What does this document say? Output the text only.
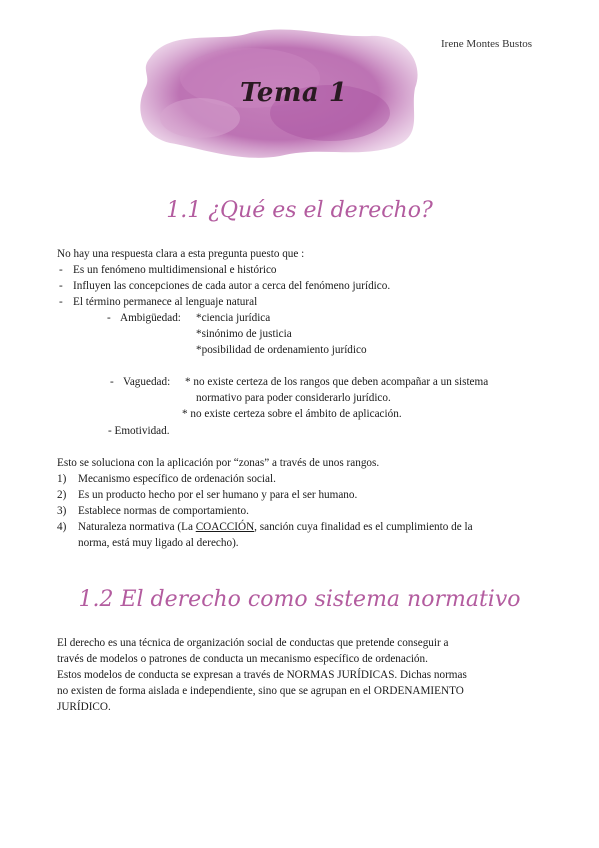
Irene Montes Bustos
Tema 1
1.1 ¿Qué es el derecho?
No hay una respuesta clara a esta pregunta puesto que :
- Es un fenómeno multidimensional e histórico
- Influyen las concepciones de cada autor a cerca del fenómeno jurídico.
- El término permanece al lenguaje natural
- Ambigüedad: *ciencia jurídica
*sinónimo de justicia
*posibilidad de ordenamiento jurídico
- Vaguedad: * no existe certeza de los rangos que deben acompañar a un sistema
normativo para poder considerarlo jurídico.
* no existe certeza sobre el ámbito de aplicación.
- Emotividad.
Esto se soluciona con la aplicación por “zonas” a través de unos rangos.
1) Mecanismo específico de ordenación social.
2) Es un producto hecho por el ser humano y para el ser humano.
3) Establece normas de comportamiento.
4) Naturaleza normativa (La COACCIÓN, sanción cuya finalidad es el cumplimiento de la
norma, está muy ligado al derecho).
1.2 El derecho como sistema normativo
El derecho es una técnica de organización social de conductas que pretende conseguir a
través de modelos o patrones de conducta un mecanismo específico de ordenación.
Estos modelos de conducta se expresan a través de NORMAS JURÍDICAS. Dichas normas
no existen de forma aislada e independiente, sino que se agrupan en el ORDENAMIENTO
JURÍDICO.
